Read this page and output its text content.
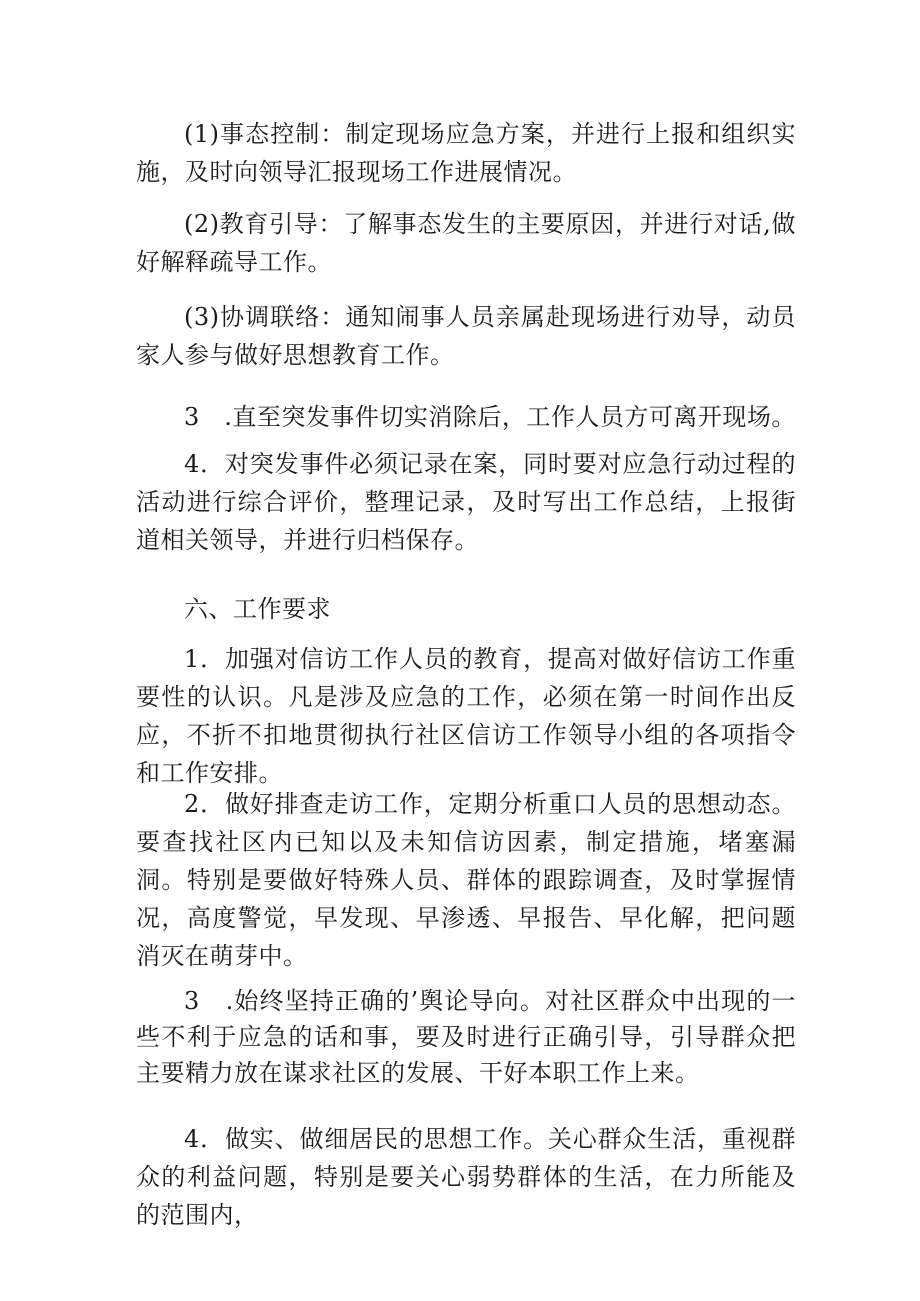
(1)事态控制：制定现场应急方案，并进行上报和组织实施，及时向领导汇报现场工作进展情况。

(2)教育引导：了解事态发生的主要原因，并进行对话,做好解释疏导工作。

(3)协调联络：通知闹事人员亲属赴现场进行劝导，动员家人参与做好思想教育工作。

3　.直至突发事件切实消除后，工作人员方可离开现场。

4．对突发事件必须记录在案，同时要对应急行动过程的活动进行综合评价，整理记录，及时写出工作总结，上报街道相关领导，并进行归档保存。

六、工作要求

1．加强对信访工作人员的教育，提高对做好信访工作重要性的认识。凡是涉及应急的工作，必须在第一时间作出反应，不折不扣地贯彻执行社区信访工作领导小组的各项指令和工作安排。

2．做好排查走访工作，定期分析重口人员的思想动态。要查找社区内已知以及未知信访因素，制定措施，堵塞漏洞。特别是要做好特殊人员、群体的跟踪调查，及时掌握情况，高度警觉，早发现、早渗透、早报告、早化解，把问题消灭在萌芽中。

3　.始终坚持正确的’舆论导向。对社区群众中出现的一些不利于应急的话和事，要及时进行正确引导，引导群众把主要精力放在谋求社区的发展、干好本职工作上来。

4．做实、做细居民的思想工作。关心群众生活，重视群众的利益问题，特别是要关心弱势群体的生活，在力所能及的范围内，
